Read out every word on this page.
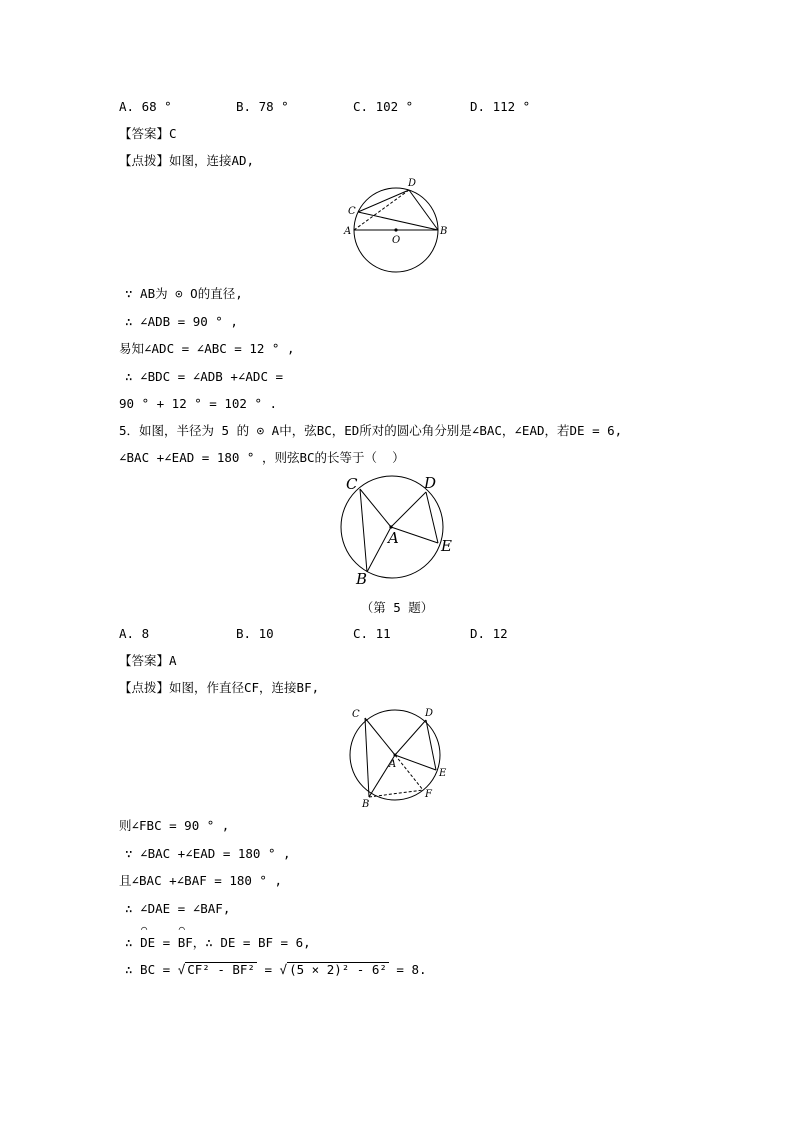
A. 68 °	B. 78 °	C. 102 °	D. 112 °
【答案】C
【点拨】如图，连接AD,
D
C
A
O
B
∵ AB为 ⊙ O的直径,
∴ ∠ADB = 90 ° ,
易知∠ADC = ∠ABC = 12 ° ,
∴ ∠BDC = ∠ADB +∠ADC =
90 ° + 12 ° = 102 ° .
5．如图，半径为 5 的 ⊙ A中，弦BC，ED所对的圆心角分别是∠BAC，∠EAD，若DE = 6,
∠BAC +∠EAD = 180 ° ，则弦BC的长等于（  ）
C	D
A	E
B
（第 5 题）
A. 8	B. 10	C. 11	D. 12
【答案】A
【点拨】如图，作直径CF，连接BF,
C	D
A
E
F
B
则∠FBC = 90 ° ,
∵ ∠BAC +∠EAD = 180 ° ,
且∠BAC +∠BAF = 180 ° ,
∴ ∠DAE = ∠BAF,
∴ ⌒ DE = ⌒ BF，∴ DE = BF = 6,
∴ BC = √ CF² - BF² = √ (5 × 2)² - 6² = 8.
